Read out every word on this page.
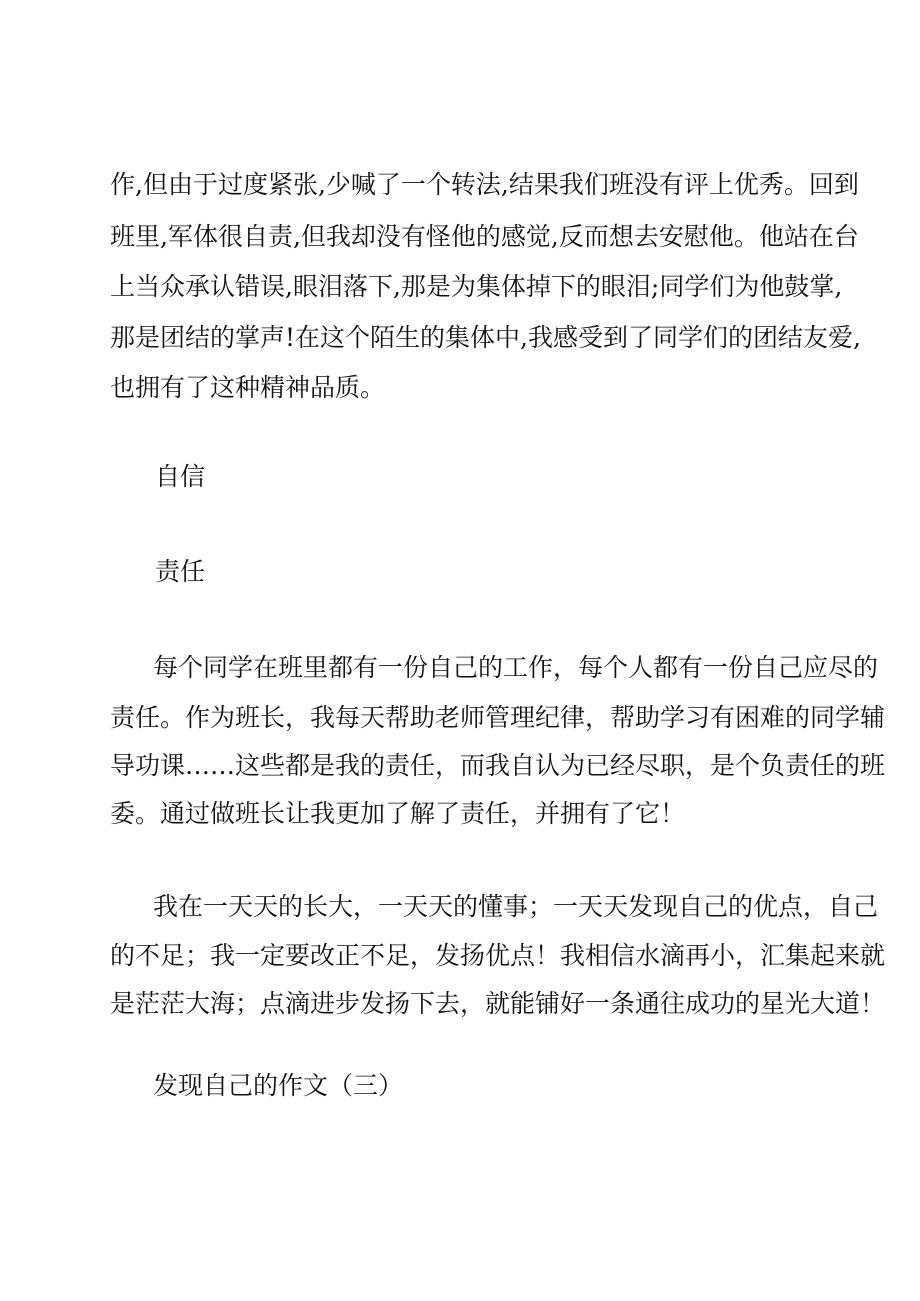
作,但由于过度紧张,少喊了一个转法,结果我们班没有评上优秀。回到

班里,军体很自责,但我却没有怪他的感觉,反而想去安慰他。他站在台

上当众承认错误,眼泪落下,那是为集体掉下的眼泪;同学们为他鼓掌,

那是团结的掌声!在这个陌生的集体中,我感受到了同学们的团结友爱,

也拥有了这种精神品质。

自信

责任

每个同学在班里都有一份自己的工作，每个人都有一份自己应尽的

责任。作为班长，我每天帮助老师管理纪律，帮助学习有困难的同学辅

导功课……这些都是我的责任，而我自认为已经尽职，是个负责任的班

委。通过做班长让我更加了解了责任，并拥有了它！

我在一天天的长大，一天天的懂事；一天天发现自己的优点，自己

的不足；我一定要改正不足，发扬优点！我相信水滴再小，汇集起来就

是茫茫大海；点滴进步发扬下去，就能铺好一条通往成功的星光大道！

发现自己的作文（三）
